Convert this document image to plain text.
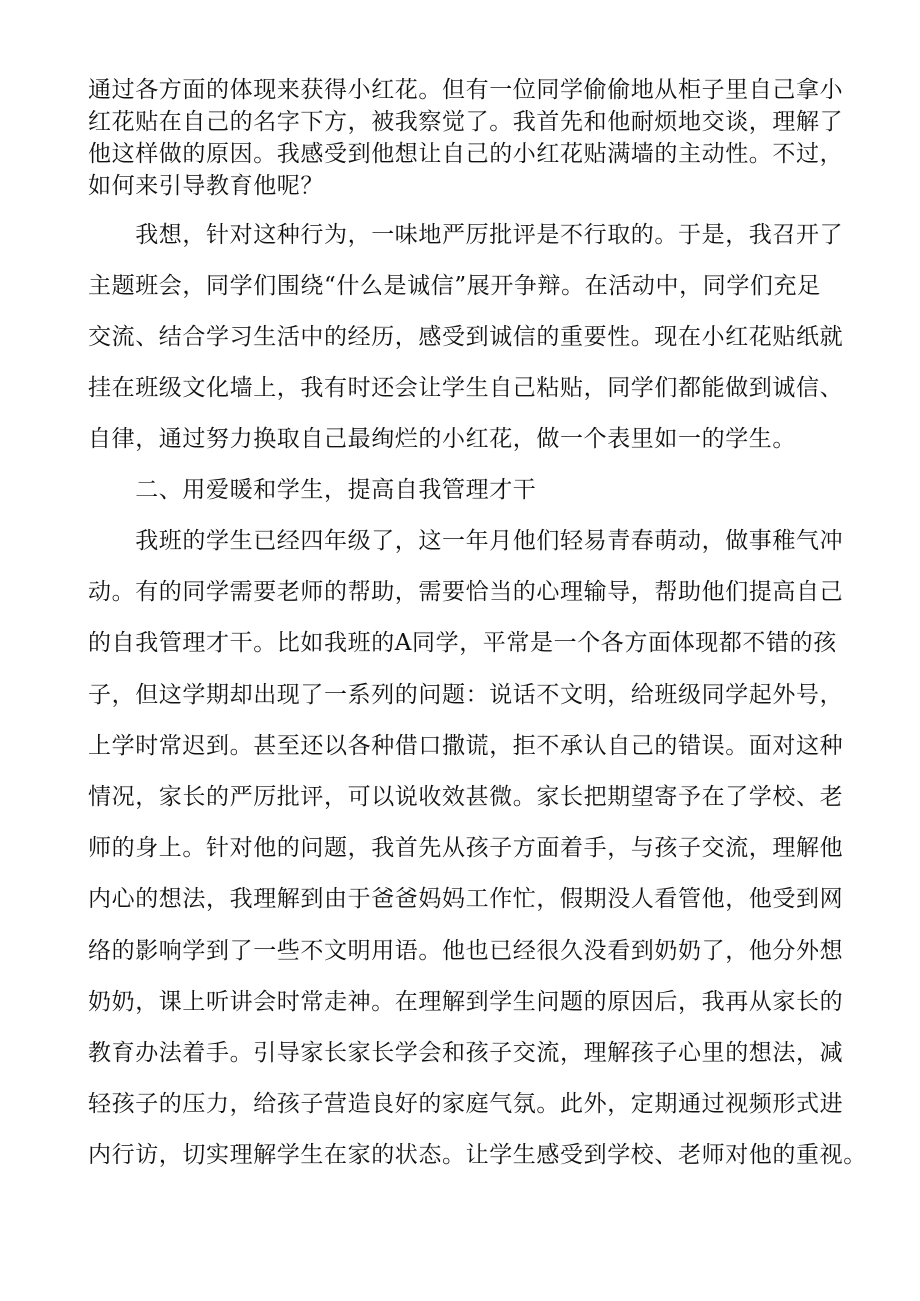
通过各方面的体现来获得小红花。但有一位同学偷偷地从柜子里自己拿小
红花贴在自己的名字下方，被我察觉了。我首先和他耐烦地交谈，理解了
他这样做的原因。我感受到他想让自己的小红花贴满墙的主动性。不过，
如何来引导教育他呢？
　　我想，针对这种行为，一味地严厉批评是不行取的。于是，我召开了
主题班会，同学们围绕“什么是诚信”展开争辩。在活动中，同学们充足
交流、结合学习生活中的经历，感受到诚信的重要性。现在小红花贴纸就
挂在班级文化墙上，我有时还会让学生自己粘贴，同学们都能做到诚信、
自律，通过努力换取自己最绚烂的小红花，做一个表里如一的学生。
　　二、用爱暖和学生，提高自我管理才干
　　我班的学生已经四年级了，这一年月他们轻易青春萌动，做事稚气冲
动。有的同学需要老师的帮助，需要恰当的心理输导，帮助他们提高自己
的自我管理才干。比如我班的A同学，平常是一个各方面体现都不错的孩
子，但这学期却出现了一系列的问题：说话不文明，给班级同学起外号，
上学时常迟到。甚至还以各种借口撒谎，拒不承认自己的错误。面对这种
情况，家长的严厉批评，可以说收效甚微。家长把期望寄予在了学校、老
师的身上。针对他的问题，我首先从孩子方面着手，与孩子交流，理解他
内心的想法，我理解到由于爸爸妈妈工作忙，假期没人看管他，他受到网
络的影响学到了一些不文明用语。他也已经很久没看到奶奶了，他分外想
奶奶，课上听讲会时常走神。在理解到学生问题的原因后，我再从家长的
教育办法着手。引导家长家长学会和孩子交流，理解孩子心里的想法，减
轻孩子的压力，给孩子营造良好的家庭气氛。此外，定期通过视频形式进
内行访，切实理解学生在家的状态。让学生感受到学校、老师对他的重视。
